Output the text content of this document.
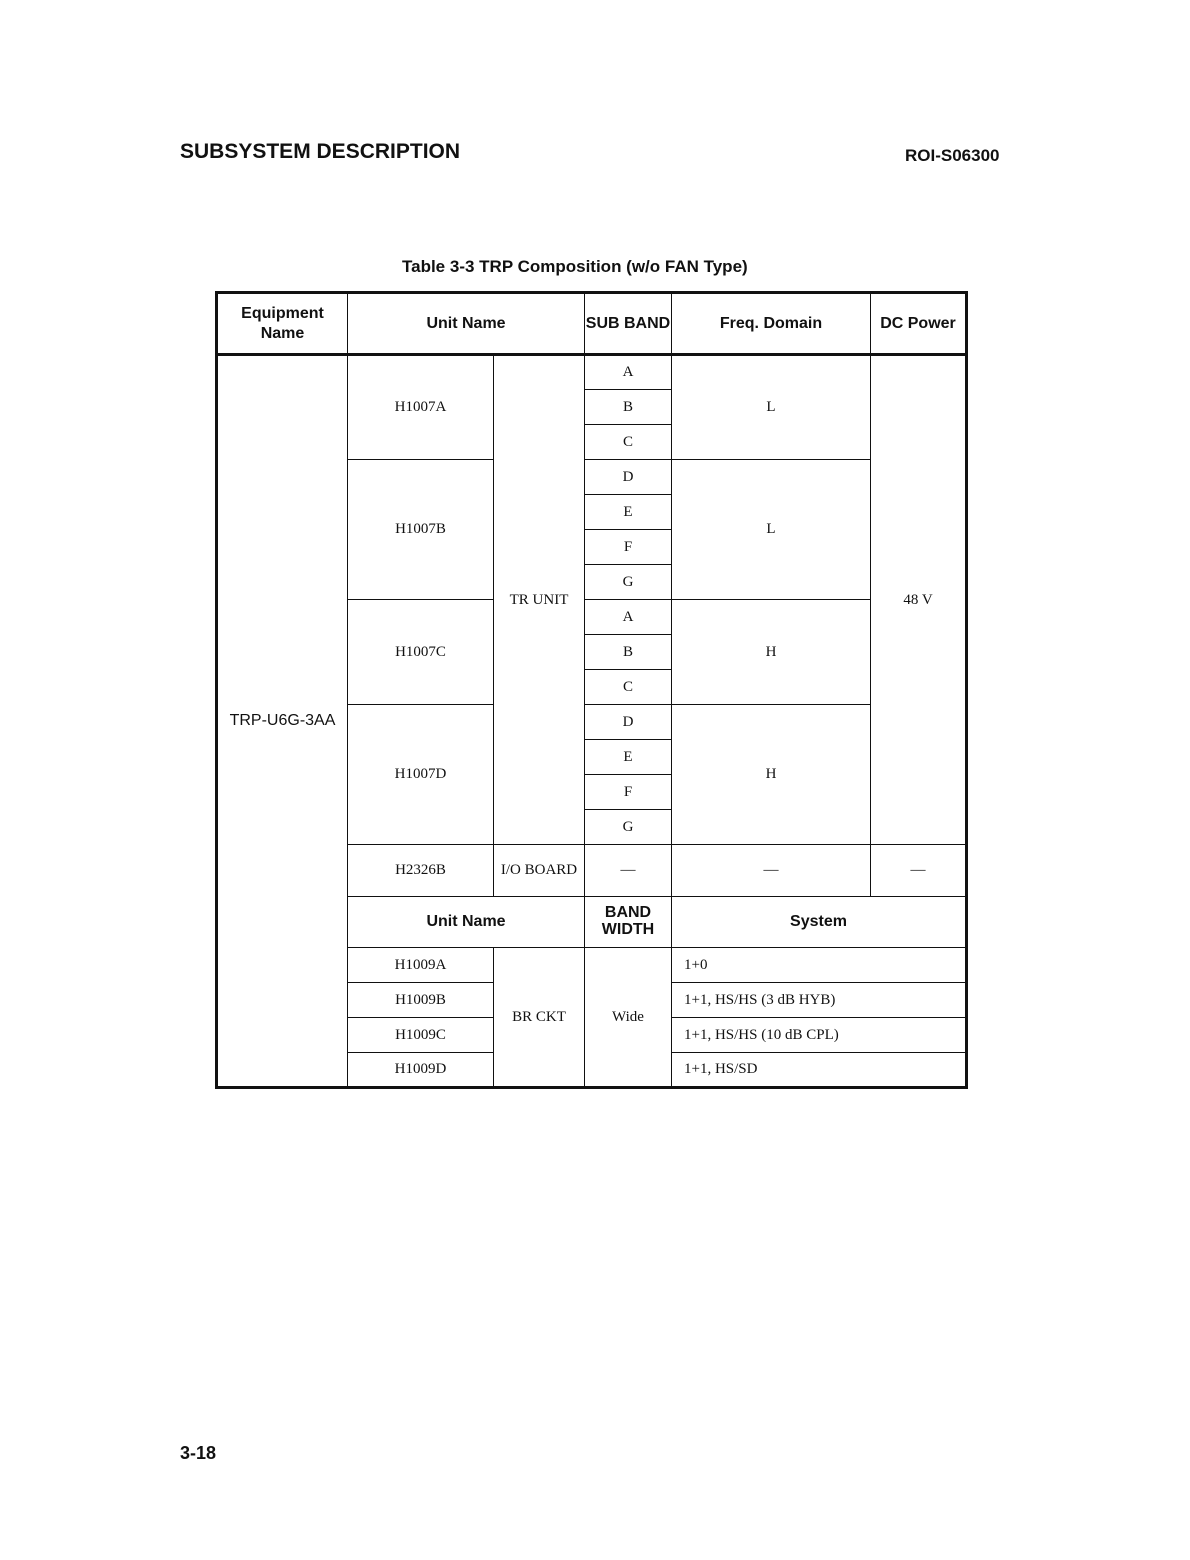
SUBSYSTEM DESCRIPTION	ROI-S06300
Table 3-3 TRP Composition (w/o FAN Type)
Equipment Name	Unit Name		SUB BAND	Freq. Domain	DC Power
TRP-U6G-3AA	H1007A	TR UNIT	A	L	48 V
			B		
			C		
	H1007B		D	L	
			E		
			F		
			G		
	H1007C		A	H	
			B		
			C		
	H1007D		D	H	
			E		
			F		
			G		
	H2326B	I/O BOARD	—	—	—
	Unit Name		BAND WIDTH	System	
	H1009A	BR CKT	Wide	1+0	
	H1009B			1+1, HS/HS (3 dB HYB)	
	H1009C			1+1, HS/HS (10 dB CPL)	
	H1009D			1+1, HS/SD	
3-18
